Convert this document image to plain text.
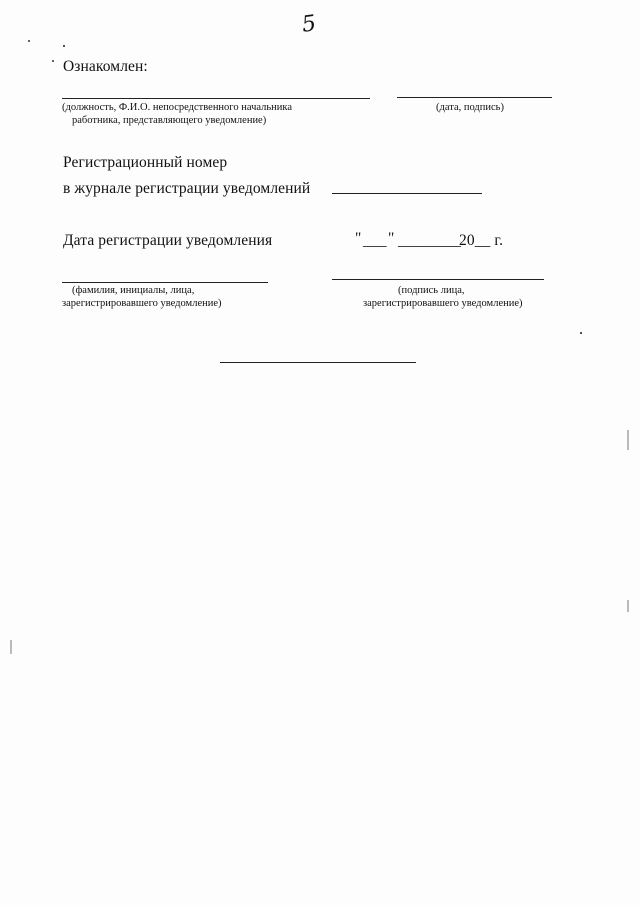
5
Ознакомлен:
(должность, Ф.И.О. непосредственного начальника
работника, представляющего уведомление)
(дата, подпись)
Регистрационный номер
в журнале регистрации уведомлений
Дата регистрации уведомления	" ___ " ________
20__ г.
(фамилия, инициалы, лица,
зарегистрировавшего уведомление)
(подпись лица,
зарегистрировавшего уведомление)
